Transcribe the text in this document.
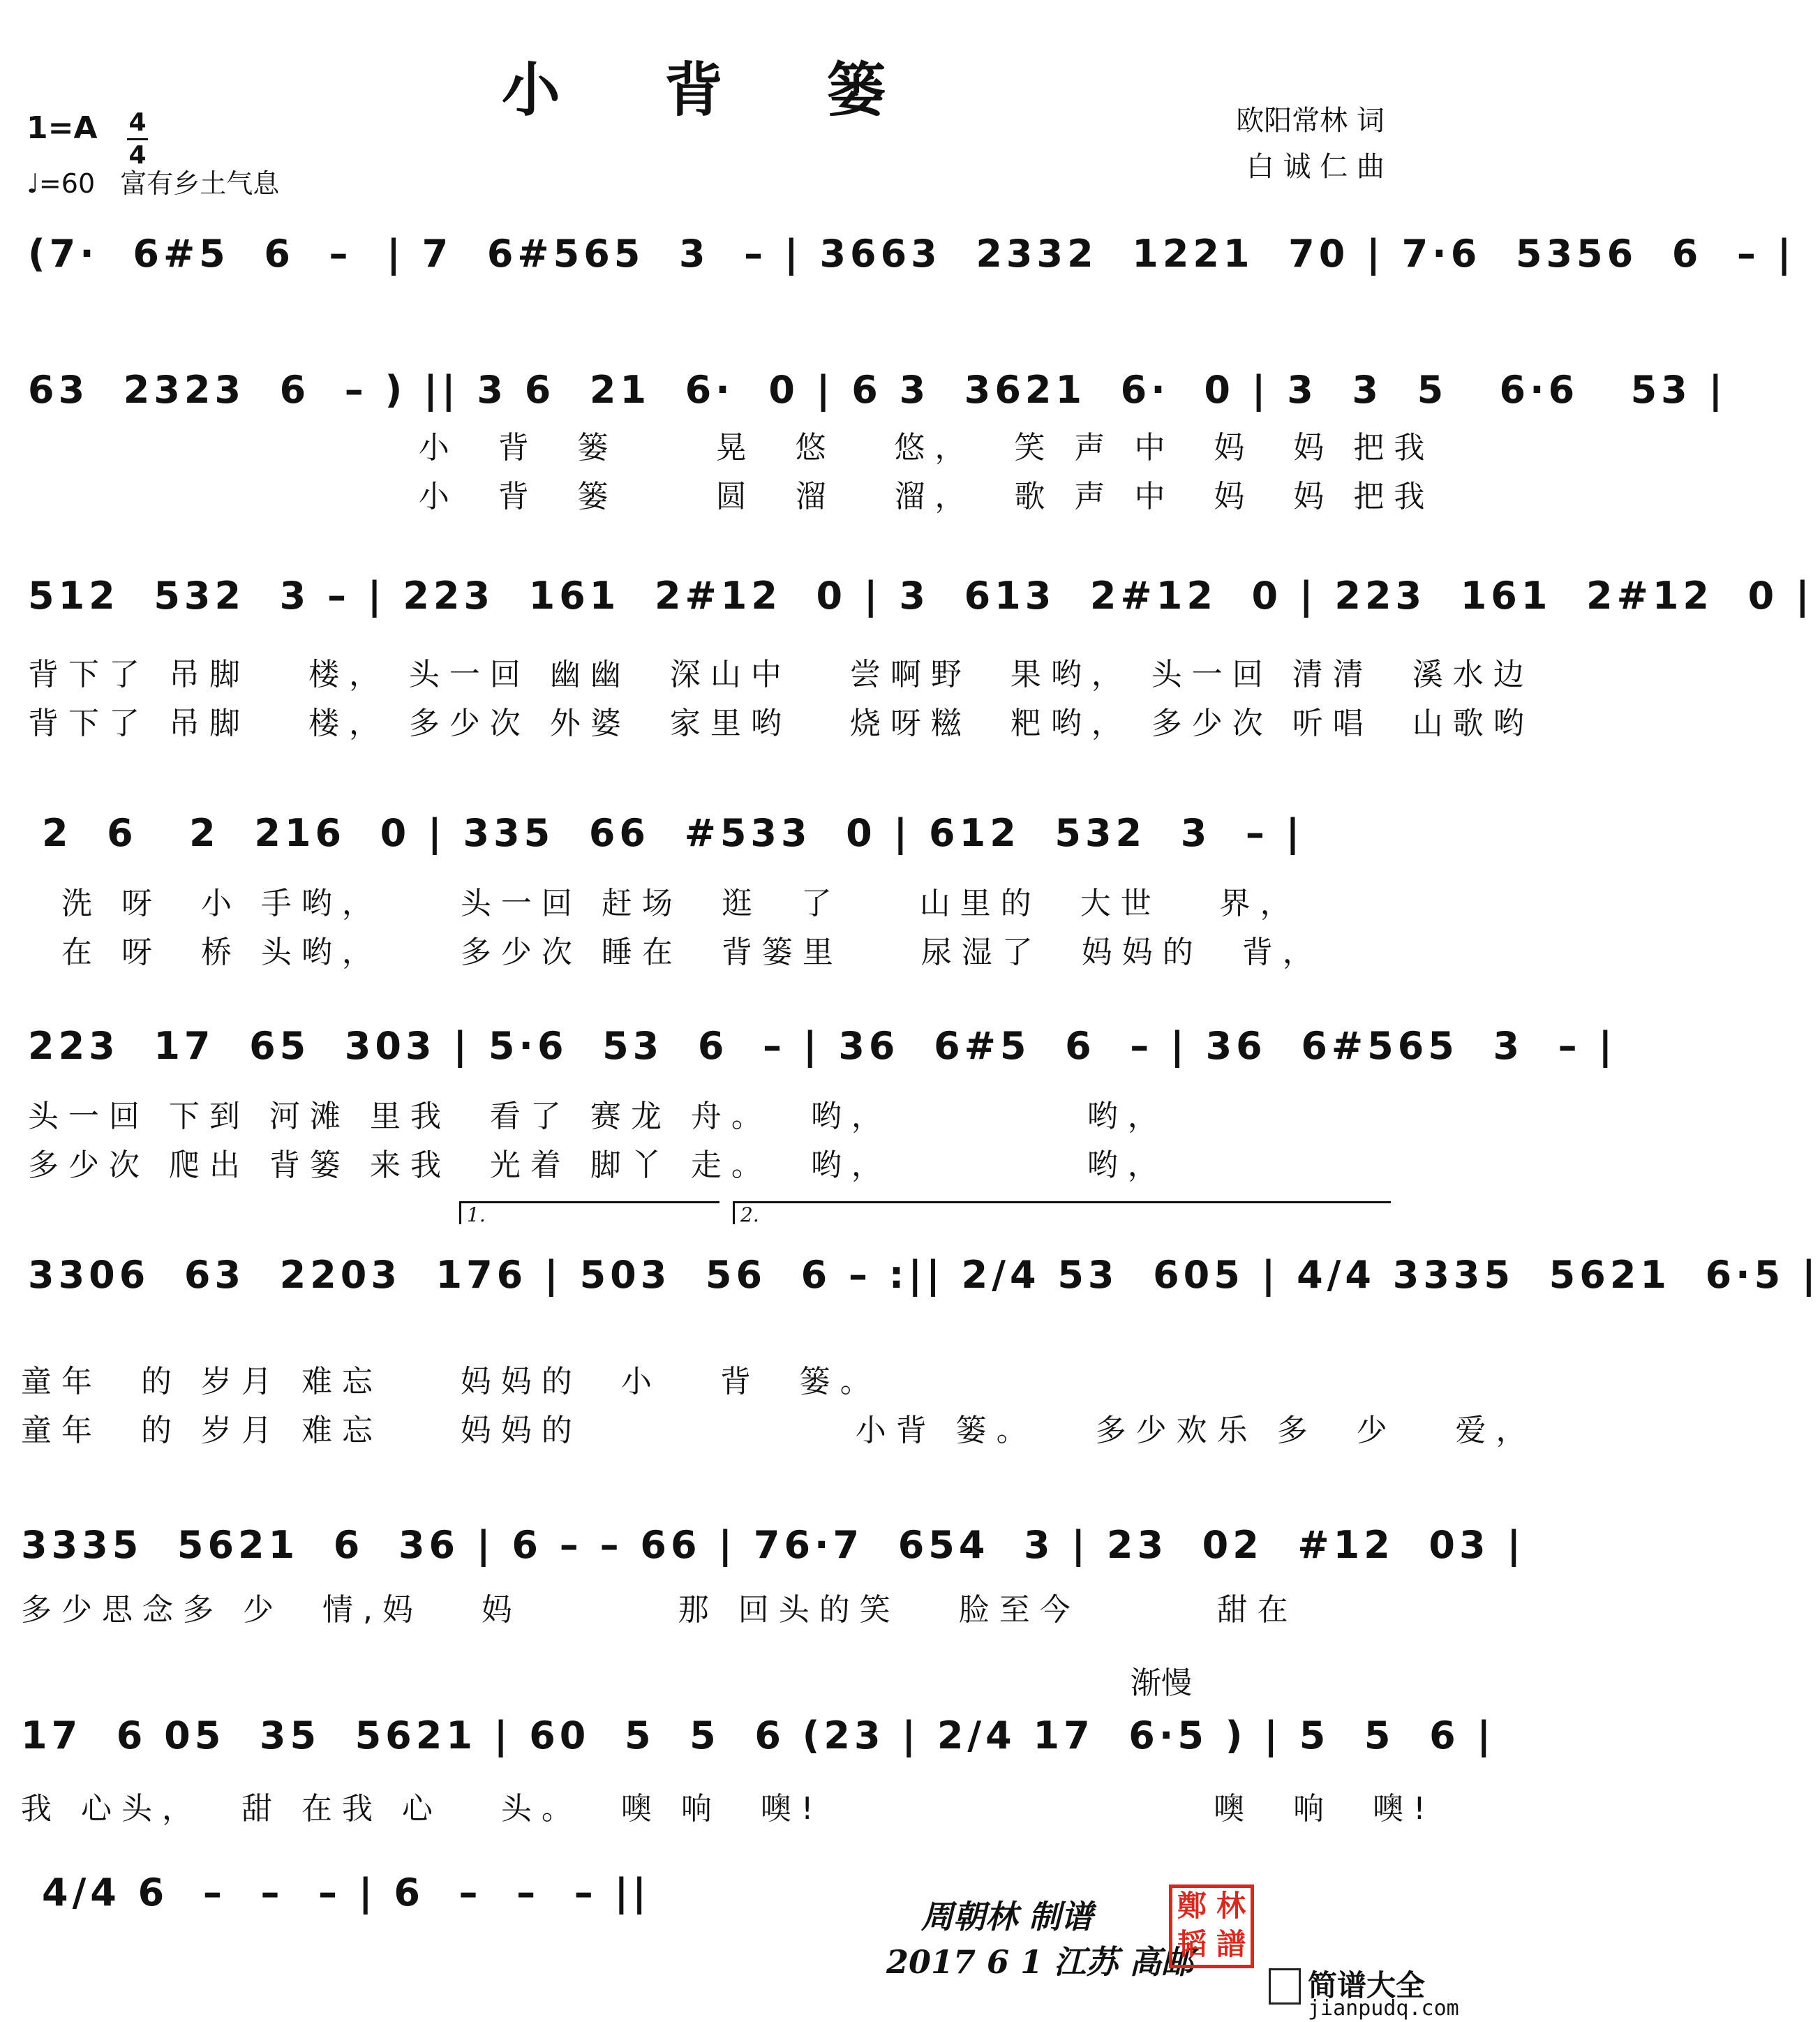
小 背 篓	欧阳常林 词
白 诚 仁 曲
1=A 4
4
♩=60 富有乡土气息
(7·  6#5  6  –  | 7  6#565  3  – | 3663  2332  1221  70 | 7·6  5356  6  – |
63  2323  6  – ) || 3 6  21  6·  0 | 6 3  3621  6·  0 | 3  3  5   6·6   53 |
小  背  篓     晃  悠   悠，  笑 声 中  妈  妈 把我
小  背  篓     圆  溜   溜，  歌 声 中  妈  妈 把我
512  532  3 – | 223  161  2#12  0 | 3  613  2#12  0 | 223  161  2#12  0 |
背下了 吊脚   楼， 头一回 幽幽  深山中   尝啊野  果哟， 头一回 清清  溪水边
背下了 吊脚   楼， 多少次 外婆  家里哟   烧呀糍  粑哟， 多少次 听唱  山歌哟
2  6   2  216  0 | 335  66  #533  0 | 612  532  3  – |
洗 呀  小 手哟，    头一回 赶场  逛  了    山里的  大世   界，
在 呀  桥 头哟，    多少次 睡在  背篓里    尿湿了  妈妈的  背，
223  17  65  303 | 5·6  53  6  – | 36  6#5  6  – | 36  6#565  3  – |
头一回 下到 河滩 里我  看了 赛龙 舟。  哟，          哟，
多少次 爬出 背篓 来我  光着 脚丫 走。  哟，          哟，
1.	2.
3306  63  2203  176 | 503  56  6 – :|| 2/4 53  605 | 4/4 3335  5621  6·5 |
童年  的 岁月 难忘    妈妈的  小   背  篓。
童年  的 岁月 难忘    妈妈的              小背 篓。   多少欢乐 多  少   爱，
3335  5621  6  36 | 6 – – 66 | 76·7  654  3 | 23  02  #12  03 |
多少思念多 少  情,妈   妈        那 回头的笑   脸至今       甜在
渐慢
17  6 05  35  5621 | 60  5  5  6 (23 | 2/4 17  6·5 ) | 5  5  6 |
我 心头，  甜 在我 心   头。  噢 响  噢!                    噢  响  噢!
4/4 6  –  –  – | 6  –  –  – ||
周朝林 制谱
2017 6 1 江苏 高邮
鄭 林
韬 譜
简谱大全
jianpudq.com
